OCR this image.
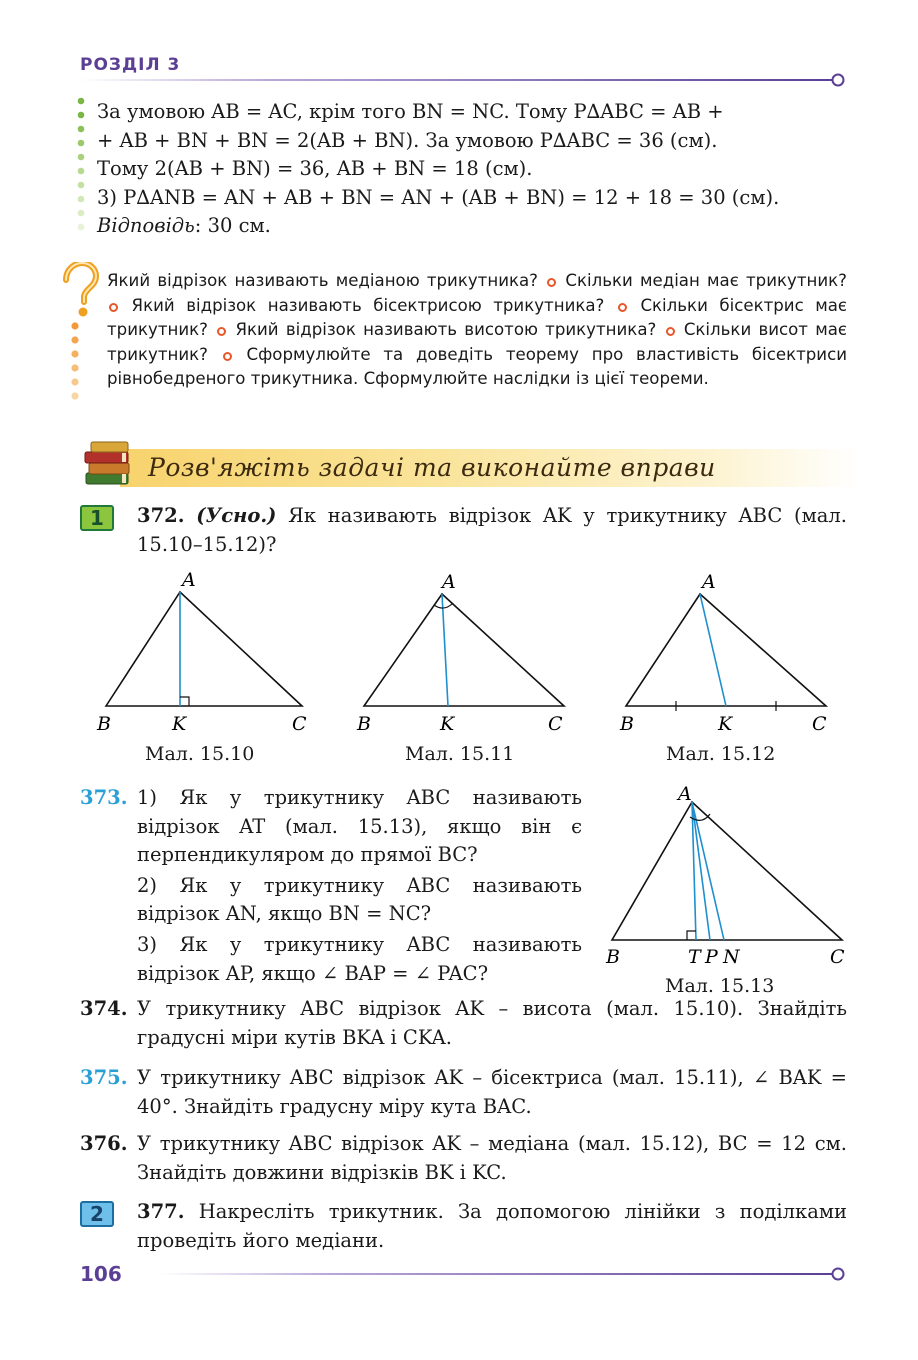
РОЗДІЛ 3
За умовою AB = AC, крім того BN = NC. Тому P∆ABC = AB +
+ AB + BN + BN = 2(AB + BN). За умовою P∆ABC = 36 (см).
Тому 2(AB + BN) = 36, AB + BN = 18 (см).
3) P∆ANB = AN + AB + BN = AN + (AB + BN) = 12 + 18 = 30 (см).
Відповідь: 30 см.
Який відрізок називають медіаною трикутника? Скільки медіан має трикутник?  Який відрізок називають бісектрисою трикутника? Скільки бісектрис має трикутник? Який відрізок називають висотою трикутника? Скільки висот має трикутник? Сформулюйте та доведіть теорему про властивість бісектриси рівнобедреного трикутника. Сформулюйте наслідки із цієї теореми.
Розв'яжіть задачі та виконайте вправи
1	372. (Усно.) Як називають відрізок AK у трикутнику ABC (мал. 15.10–15.12)?
A
B	K	C
Мал. 15.10
A
B	K	C
Мал. 15.11
A
B	K	C
Мал. 15.12
373. 1) Як у трикутнику ABC називають відрізок AT (мал. 15.13), якщо він є перпендикуляром до прямої BC?
2) Як у трикутнику ABC називають відрізок AN, якщо BN = NC?
3) Як у трикутнику ABC називають відрізок AP, якщо ∠ BAP = ∠ PAC?
A
B	T P N	C
Мал. 15.13
374. У трикутнику ABC відрізок AK – висота (мал. 15.10). Знайдіть градусні міри кутів BKA і CKA.
375. У трикутнику ABC відрізок AK – бісектриса (мал. 15.11), ∠ BAK = 40°. Знайдіть градусну міру кута BAC.
376. У трикутнику ABC відрізок AK – медіана (мал. 15.12), BC = 12 см. Знайдіть довжини відрізків BK і KC.
2	377. Накресліть трикутник. За допомогою лінійки з поділками проведіть його медіани.
106
